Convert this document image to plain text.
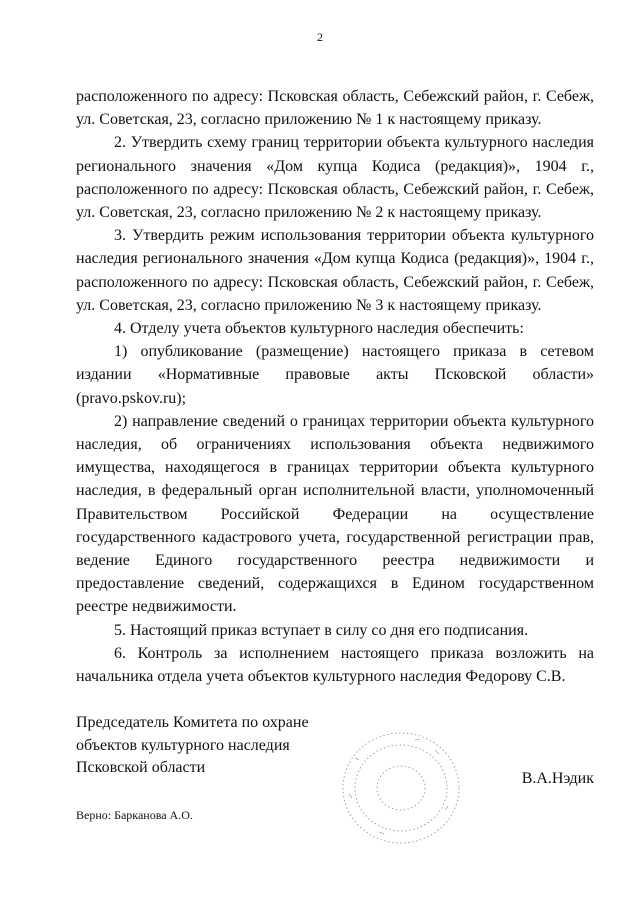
2

расположенного по адресу: Псковская область, Себежский район, г. Себеж, ул. Советская, 23, согласно приложению № 1 к настоящему приказу.

2. Утвердить схему границ территории объекта культурного наследия регионального значения «Дом купца Кодиса (редакция)», 1904 г., расположенного по адресу: Псковская область, Себежский район, г. Себеж, ул. Советская, 23, согласно приложению № 2 к настоящему приказу.

3. Утвердить режим использования территории объекта культурного наследия регионального значения «Дом купца Кодиса (редакция)», 1904 г., расположенного по адресу: Псковская область, Себежский район, г. Себеж, ул. Советская, 23, согласно приложению № 3 к настоящему приказу.

4. Отделу учета объектов культурного наследия обеспечить:

1) опубликование (размещение) настоящего приказа в сетевом издании «Нормативные правовые акты Псковской области» (pravo.pskov.ru);

2) направление сведений о границах территории объекта культурного наследия, об ограничениях использования объекта недвижимого имущества, находящегося в границах территории объекта культурного наследия, в федеральный орган исполнительной власти, уполномоченный Правительством Российской Федерации на осуществление государственного кадастрового учета, государственной регистрации прав, ведение Единого государственного реестра недвижимости и предоставление сведений, содержащихся в Едином государственном реестре недвижимости.

5. Настоящий приказ вступает в силу со дня его подписания.

6. Контроль за исполнением настоящего приказа возложить на начальника отдела учета объектов культурного наследия Федорову С.В.

Председатель Комитета по охране
объектов культурного наследия
Псковской области
В.А.Нэдик
Верно: Барканова А.О.
